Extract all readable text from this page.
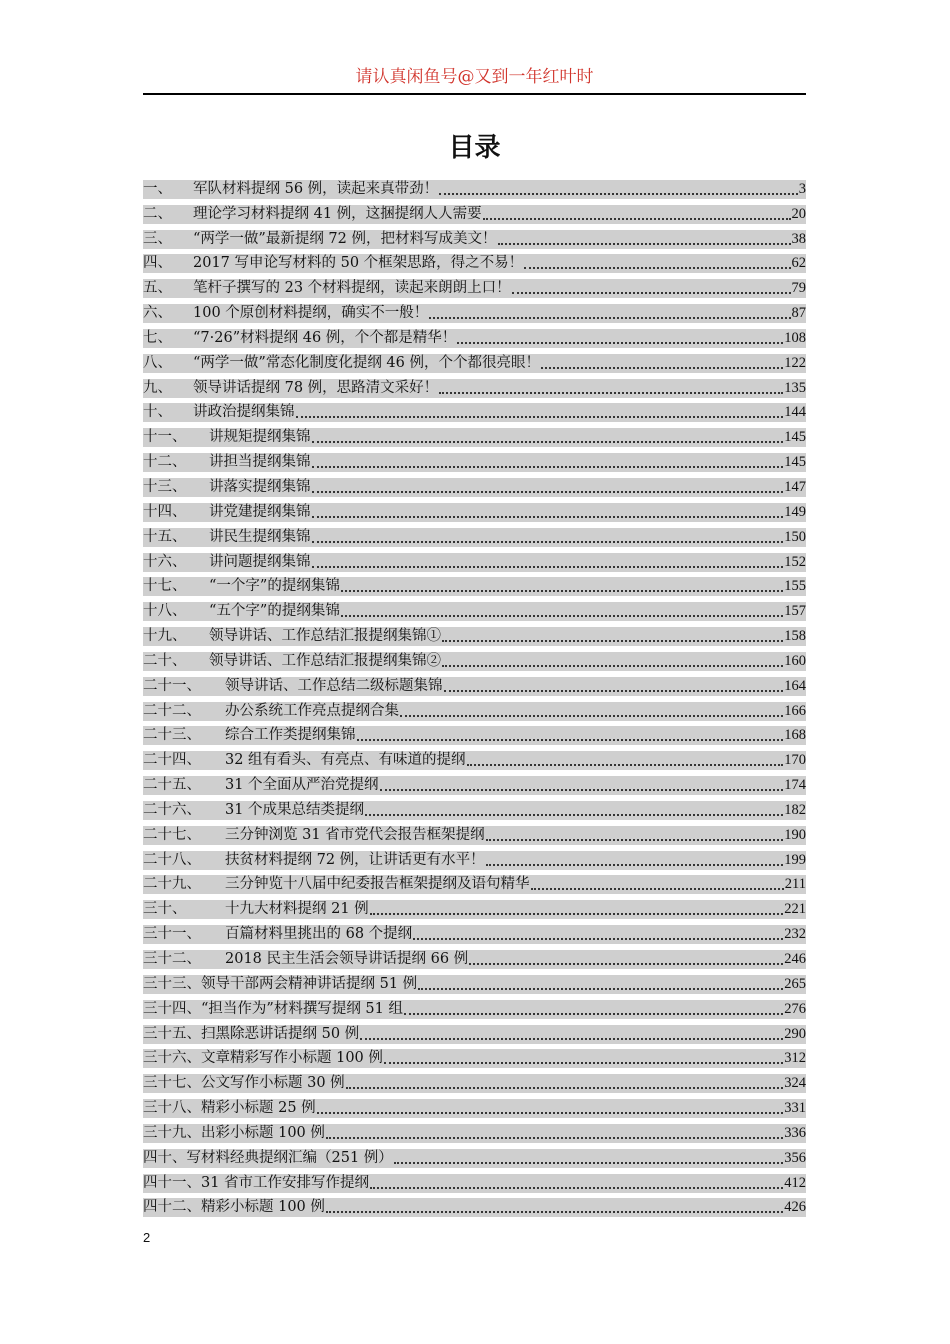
请认真闲鱼号@又到一年红叶时
目录
一、	军队材料提纲 56 例，读起来真带劲！	3
二、	理论学习材料提纲 41 例，这捆提纲人人需要	20
三、	“两学一做”最新提纲 72 例，把材料写成美文！	38
四、	2017 写申论写材料的 50 个框架思路，得之不易！	62
五、	笔杆子撰写的 23 个材料提纲，读起来朗朗上口！	79
六、	100 个原创材料提纲，确实不一般！	87
七、	“7·26”材料提纲 46 例，个个都是精华！	108
八、	“两学一做”常态化制度化提纲 46 例，个个都很亮眼！	122
九、	领导讲话提纲 78 例，思路清文采好！	135
十、	讲政治提纲集锦	144
十一、	讲规矩提纲集锦	145
十二、	讲担当提纲集锦	145
十三、	讲落实提纲集锦	147
十四、	讲党建提纲集锦	149
十五、	讲民生提纲集锦	150
十六、	讲问题提纲集锦	152
十七、	“一个字”的提纲集锦	155
十八、	“五个字”的提纲集锦	157
十九、	领导讲话、工作总结汇报提纲集锦①	158
二十、	领导讲话、工作总结汇报提纲集锦②	160
二十一、	领导讲话、工作总结二级标题集锦	164
二十二、	办公系统工作亮点提纲合集	166
二十三、	综合工作类提纲集锦	168
二十四、	32 组有看头、有亮点、有味道的提纲	170
二十五、	31 个全面从严治党提纲	174
二十六、	31 个成果总结类提纲	182
二十七、	三分钟浏览 31 省市党代会报告框架提纲	190
二十八、	扶贫材料提纲 72 例，让讲话更有水平！	199
二十九、	三分钟览十八届中纪委报告框架提纲及语句精华	211
三十、	十九大材料提纲 21 例	221
三十一、	百篇材料里挑出的 68 个提纲	232
三十二、	2018 民主生活会领导讲话提纲 66 例	246
三十三、 领导干部两会精神讲话提纲 51 例	265
三十四、 “担当作为”材料撰写提纲 51 组	276
三十五、 扫黑除恶讲话提纲 50 例	290
三十六、 文章精彩写作小标题 100 例	312
三十七、 公文写作小标题 30 例	324
三十八、 精彩小标题 25 例	331
三十九、 出彩小标题 100 例	336
四十、 写材料经典提纲汇编（251 例）	356
四十一、 31 省市工作安排写作提纲	412
四十二、 精彩小标题 100 例	426
2
